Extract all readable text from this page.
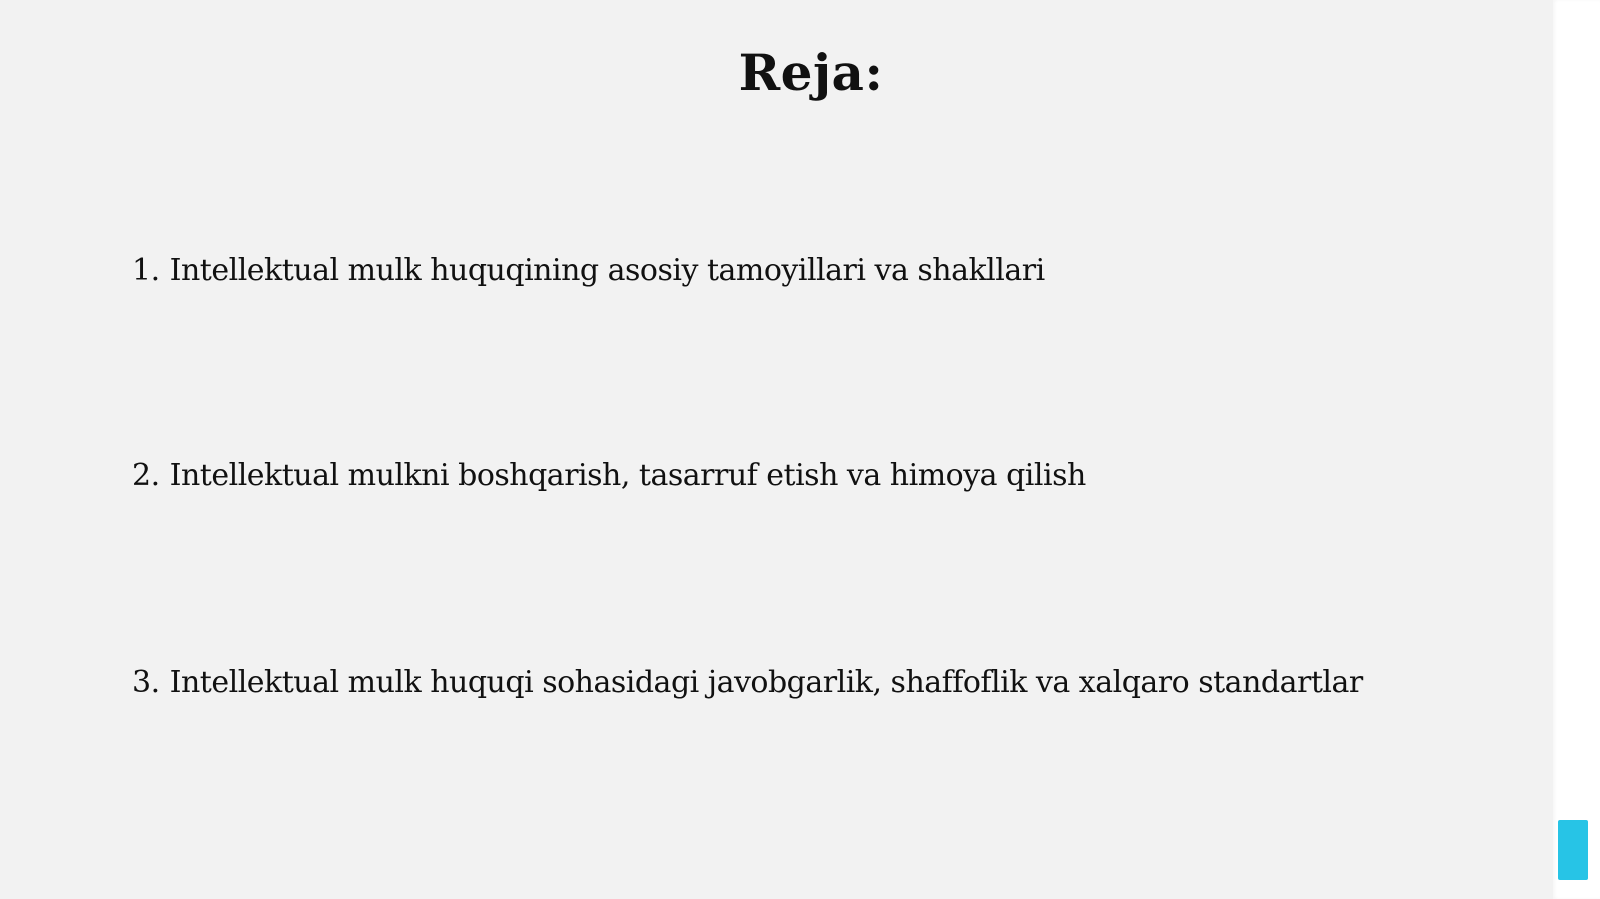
Reja:

1. Intellektual mulk huquqining asosiy tamoyillari va shakllari

2. Intellektual mulkni boshqarish, tasarruf etish va himoya qilish

3. Intellektual mulk huquqi sohasidagi javobgarlik, shaffoflik va xalqaro standartlar
